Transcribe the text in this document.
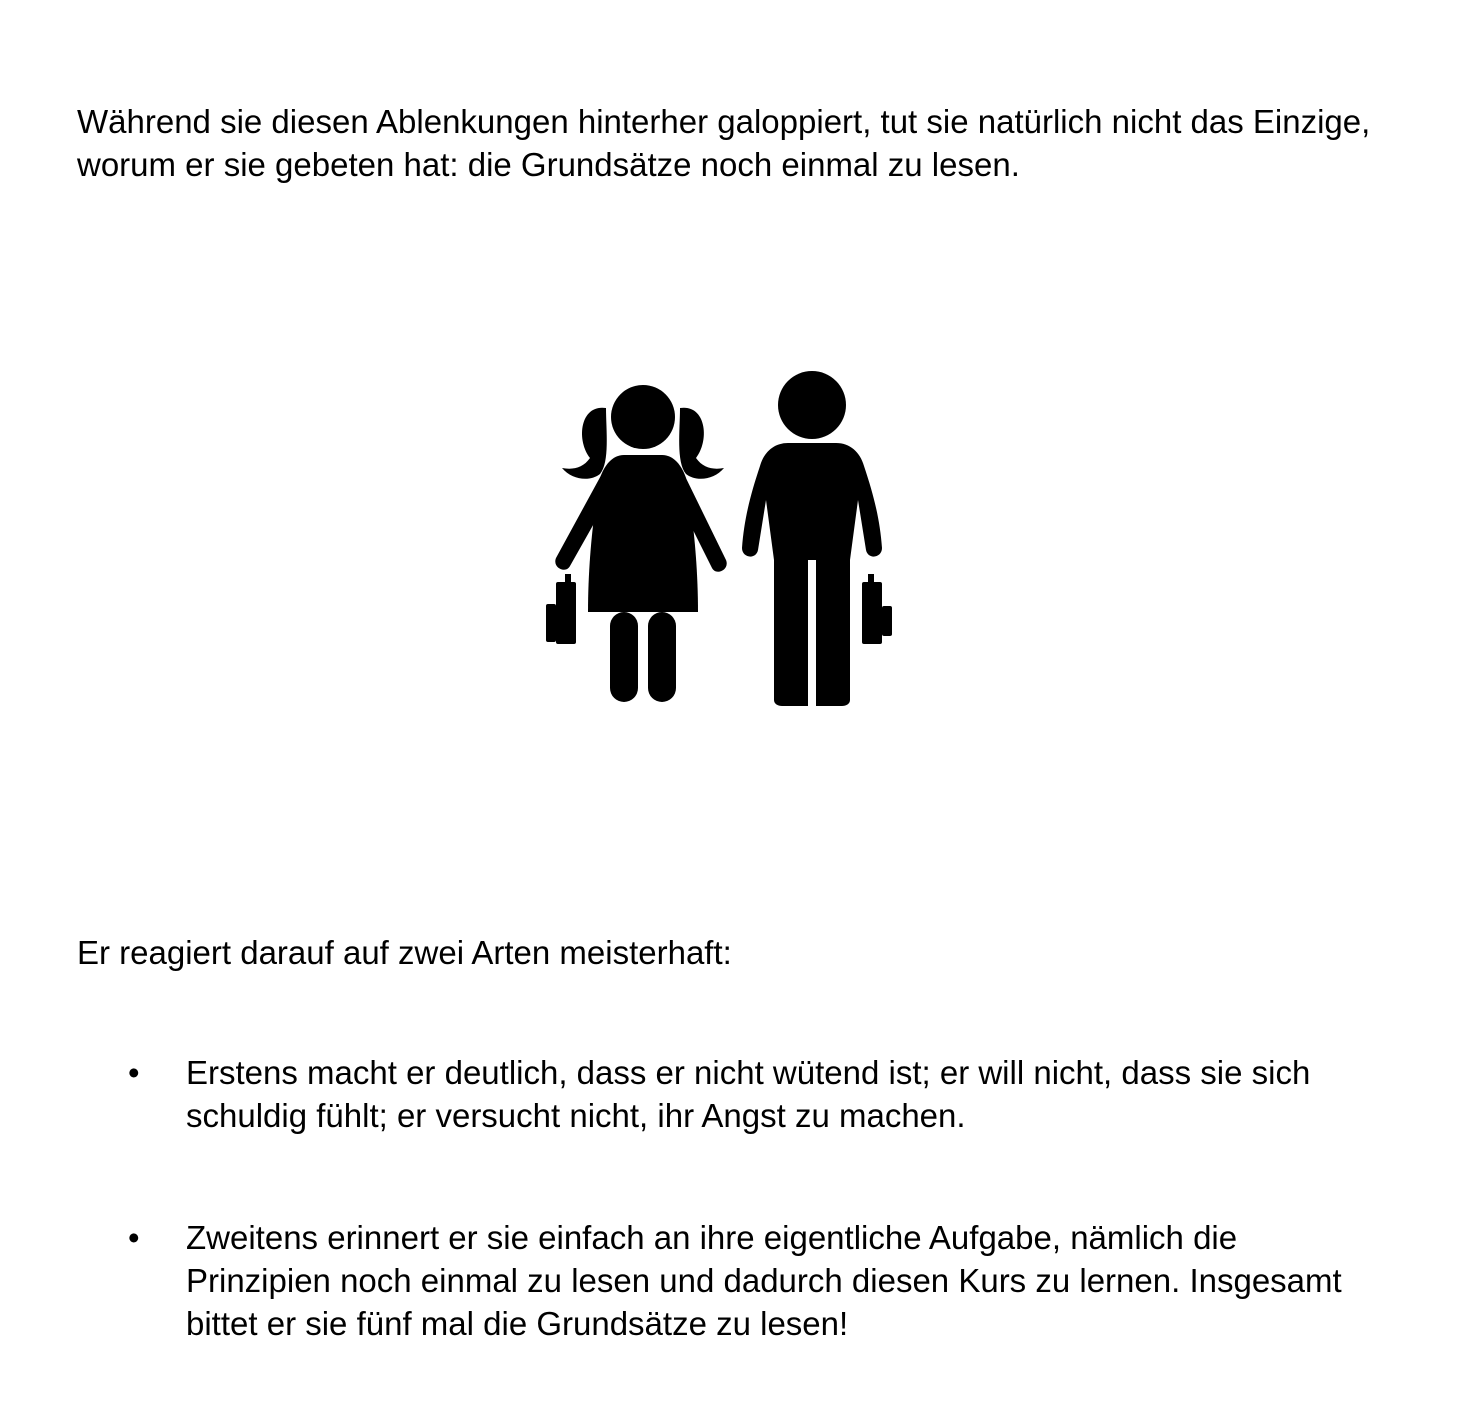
Während sie diesen Ablenkungen hinterher galoppiert, tut sie natürlich nicht das Einzige, worum er sie gebeten hat: die Grundsätze noch einmal zu lesen.

Er reagiert darauf auf zwei Arten meisterhaft:

• Erstens macht er deutlich, dass er nicht wütend ist; er will nicht, dass sie sich schuldig fühlt; er versucht nicht, ihr Angst zu machen.

• Zweitens erinnert er sie einfach an ihre eigentliche Aufgabe, nämlich die Prinzipien noch einmal zu lesen und dadurch diesen Kurs zu lernen. Insgesamt bittet er sie fünf mal die Grundsätze zu lesen!
